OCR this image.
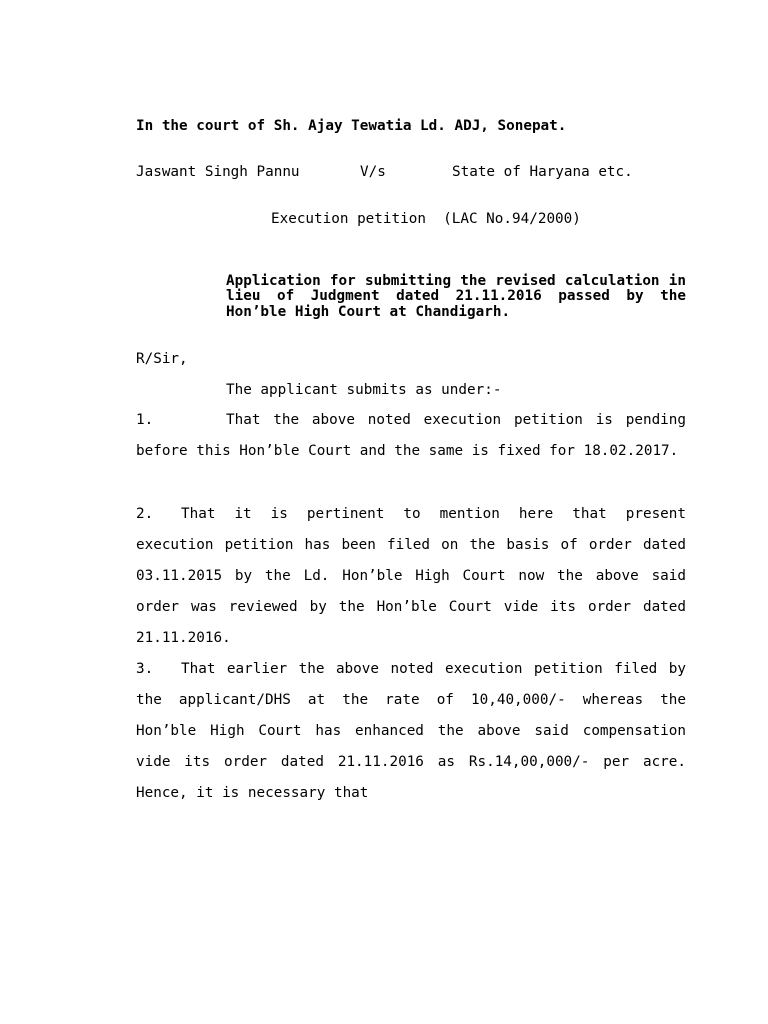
In the court of Sh. Ajay Tewatia Ld. ADJ, Sonepat.

Jaswant Singh Pannu

	V/s

	State of Haryana etc.

Execution petition  (LAC No.94/2000)
Application for submitting the revised calculation in lieu of Judgment dated 21.11.2016 passed by the Hon’ble High Court at Chandigarh.
R/Sir,
The applicant submits as under:-
1.	That the above noted execution petition is pending before this Hon’ble Court and the same is fixed for 18.02.2017.
2. That it is pertinent to mention here that present execution petition has been filed on the basis of order dated 03.11.2015 by the Ld. Hon’ble High Court now the above said order was reviewed by the Hon’ble Court vide its order dated 21.11.2016.
3. That earlier the above noted execution petition filed by the applicant/DHS at the rate of 10,40,000/- whereas the Hon’ble High Court has enhanced the above said compensation vide its order dated 21.11.2016 as Rs.14,00,000/- per acre. Hence, it is necessary that
